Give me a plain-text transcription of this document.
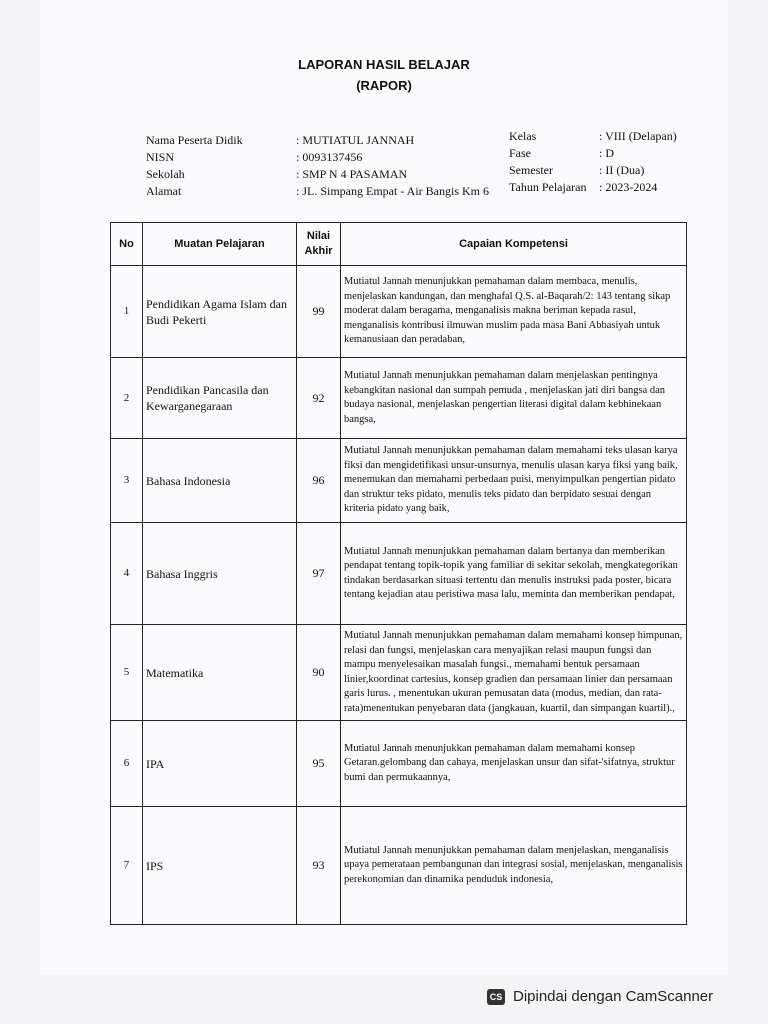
LAPORAN HASIL BELAJAR
(RAPOR)
Nama Peserta Didik	: MUTIATUL JANNAH
NISN	: 0093137456
Sekolah	: SMP N 4 PASAMAN
Alamat	: JL. Simpang Empat - Air Bangis Km 6
Kelas	: VIII (Delapan)
Fase	: D
Semester	: II (Dua)
Tahun Pelajaran	: 2023-2024
No	Muatan Pelajaran	Nilai Akhir	Capaian Kompetensi
1	Pendidikan Agama Islam dan Budi Pekerti	99	Mutiatul Jannah menunjukkan pemahaman dalam membaca, menulis, menjelaskan kandungan, dan menghafal Q.S. al-Baqarah/2: 143 tentang sikap moderat dalam beragama, menganalisis makna beriman kepada rasul, menganalisis kontribusi ilmuwan muslim pada masa Bani Abbasiyah untuk kemanusiaan dan peradaban,
2	Pendidikan Pancasila dan Kewarganegaraan	92	Mutiatul Jannah menunjukkan pemahaman dalam menjelaskan pentingnya kebangkitan nasional dan sumpah pemuda , menjelaskan jati diri bangsa dan budaya nasional, menjelaskan pengertian literasi digital dalam kebhinekaan bangsa,
3	Bahasa Indonesia	96	Mutiatul Jannah menunjukkan pemahaman dalam memahami teks ulasan karya fiksi dan mengidetifikasi unsur-unsurnya, menulis ulasan karya fiksi yang baik, menemukan dan memahami perbedaan puisi, menyimpulkan pengertian pidato dan struktur teks pidato, menulis teks pidato dan berpidato sesuai dengan kriteria pidato yang baik,
4	Bahasa Inggris	97	Mutiatul Jannah menunjukkan pemahaman dalam bertanya dan memberikan pendapat tentang topik-topik yang familiar di sekitar sekolah, mengkategorikan tindakan berdasarkan situasi tertentu dan menulis instruksi pada poster, bicara tentang kejadian atau peristiwa masa lalu, meminta dan memberikan pendapat,
5	Matematika	90	Mutiatul Jannah menunjukkan pemahaman dalam memahami konsep himpunan, relasi dan fungsi, menjelaskan cara menyajikan relasi maupun fungsi dan mampu menyelesaikan masalah fungsi., memahami bentuk persamaan linier,koordinat cartesius, konsep gradien dan persamaan linier dan persamaan garis lurus. , menentukan ukuran pemusatan data (modus, median, dan rata-rata)menentukan penyebaran data (jangkauan, kuartil, dan simpangan kuartil).,
6	IPA	95	Mutiatul Jannah menunjukkan pemahaman dalam memahami konsep Getaran.gelombang dan cahaya, menjelaskan unsur dan sifat-'sifatnya, struktur bumi dan permukaannya,
7	IPS	93	Mutiatul Jannah menunjukkan pemahaman dalam menjelaskan, menganalisis upaya pemerataan pembangunan dan integrasi sosial, menjelaskan, menganalisis perekonomian dan dinamika penduduk indonesia,
CS Dipindai dengan CamScanner
